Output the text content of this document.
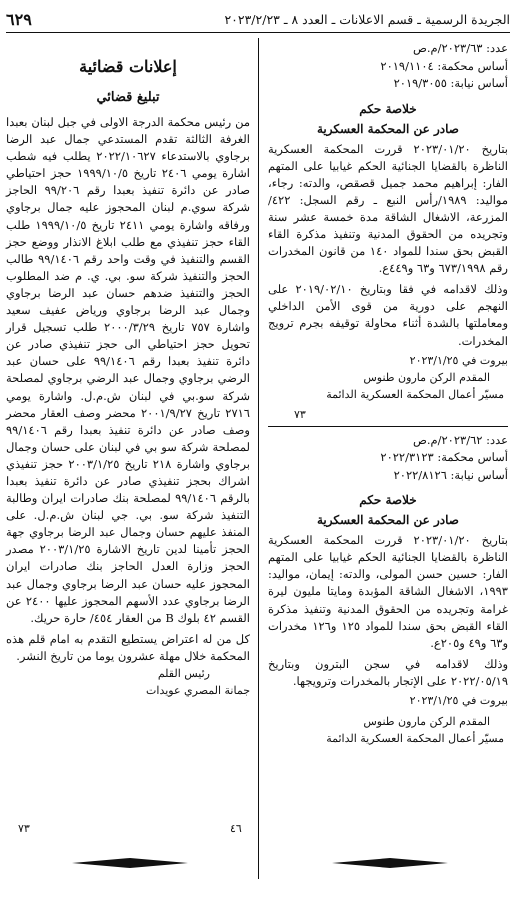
الجريدة الرسمية ـ قسم الاعلانات ـ العدد ٨ ـ ٢٠٢٣/٢/٢٣
٦٢٩

عدد: ٢٠٢٣/٦٣/م.ص

أساس محكمة: ٢٠١٩/١١٠٤

أساس نيابة: ٢٠١٩/٣٠٥٥

خلاصة حكم

صادر عن المحكمة العسكرية

بتاريخ ٢٠٢٣/٠١/٢٠ قررت المحكمة العسكرية الناظرة بالقضايا الجنائية الحكم غيابيا على المتهم الفار: إبراهيم محمد جميل قصقص، والدته: رجاء، مواليد: ١٩٨٩/رأس النبع ـ رقم السجل: ٤٢٢/ المزرعة، الاشغال الشاقة مدة خمسة عشر سنة وتجريده من الحقوق المدنية وتنفيذ مذكرة القاء القبض بحق سندا للمواد ١٤٠ من قانون المخدرات رقم ٦٧٣/١٩٩٨ و٦٣ و٤٤٩ع.

وذلك لاقدامه في فقا وبتاريخ ٢٠١٩/٠٢/١٠ على النهجم على دورية من قوى الأمن الداخلي ومعاملتها بالشدة أثناء محاولة توقيفه بجرم ترويج المخدرات.

بيروت في ٢٠٢٣/١/٢٥

المقدم الركن مارون طنوس

مسيّر أعمال المحكمة العسكرية الدائمة

٧٣

عدد: ٢٠٢٣/٦٢/م.ص

أساس محكمة: ٢٠٢٢/٣١٢٣

أساس نيابة: ٢٠٢٢/٨١٢٦

خلاصة حكم

صادر عن المحكمة العسكرية

بتاريخ ٢٠٢٣/٠١/٢٠ قررت المحكمة العسكرية الناظرة بالقضايا الجنائية الحكم غيابيا على المتهم الفار: حسين حسن المولى، والدته: إيمان، مواليد: ١٩٩٣، الاشغال الشاقة المؤبدة ومايتا مليون ليرة غرامة وتجريده من الحقوق المدنية وتنفيذ مذكرة القاء القبض بحق سندا للمواد ١٢٥ و١٢٦ مخدرات و٦٣ و٤٩ و٢٠٥ع.

وذلك لاقدامه في سجن البترون وبتاريخ ٢٠٢٢/٠٥/١٩ على الإتجار بالمخدرات وترويجها.

بيروت في ٢٠٢٣/١/٢٥

المقدم الركن مارون طنوس

مسيّر أعمال المحكمة العسكرية الدائمة

إعلانات قضائية

تبليغ قضائي

من رئيس محكمة الدرجة الاولى في جبل لبنان بعبدا الغرفة الثالثة تقدم المستدعي جمال عبد الرضا برجاوي بالاستدعاء ٢٠٢٢/١٠٦٢٧ يطلب فيه شطب اشارة يومي ٢٤٠٦ تاريخ ١٩٩٩/١٠/٥ حجز احتياطي صادر عن دائرة تنفيذ بعبدا رقم ٩٩/٢٠٦ الحاجز شركة سوي.م لبنان المحجوز عليه جمال برجاوي ورفاقه واشارة يومي ٢٤١١ تاريخ ١٩٩٩/١٠/٥ طلب القاء حجز تنفيذي مع طلب ابلاغ الانذار ووضع حجز القسم والتنفيذ في وقت واحد رقم ٩٩/١٤٠٦ طالب الحجز والتنفيذ شركة سو. بي. ي. م ضد المطلوب الحجز والتنفيذ ضدهم حسان عبد الرضا برجاوي وجمال عبد الرضا برجاوي ورياض عفيف سعيد واشارة ٧٥٧ تاريخ ٢٠٠٠/٣/٢٩ طلب تسجيل قرار تحويل حجز احتياطي الى حجز تنفيذي صادر عن دائرة تنفيذ بعبدا رقم ٩٩/١٤٠٦ على حسان عبد الرضي برجاوي وجمال عبد الرضي برجاوي لمصلحة شركة سو.بي في لبنان ش.م.ل. واشارة يومي ٢٧١٦ تاريخ ٢٠٠١/٩/٢٧ محضر وصف العقار محضر وصف صادر عن دائرة تنفيذ بعبدا رقم ٩٩/١٤٠٦ لمصلحة شركة سو بي في لبنان على حسان وجمال برجاوي واشارة ٢١٨ تاريخ ٢٠٠٣/١/٢٥ حجز تنفيذي اشراك بحجز تنفيذي صادر عن دائرة تنفيذ بعبدا بالرقم ٩٩/١٤٠٦ لمصلحة بنك صادرات ايران وطالبة التنفيذ شركة سو. بي. جي لبنان ش.م.ل. على المنفذ عليهم حسان وجمال عبد الرضا برجاوي جهة الحجز تأمينا لدين تاريخ الاشارة ٢٠٠٣/١/٢٥ مصدر الحجز وزارة العدل الحاجز بنك صادرات ايران المحجوز عليه حسان عبد الرضا برجاوي وجمال عبد الرضا برجاوي عدد الأسهم المحجوز عليها ٢٤٠٠ عن القسم ٤٢ بلوك B من العقار ٤٥٤/ حارة حريك.

كل من له اعتراض يستطيع التقدم به امام قلم هذه المحكمة خلال مهلة عشرون يوما من تاريخ النشر.

رئيس القلم

جمانة المصري عويدات

٤٦
٧٣
